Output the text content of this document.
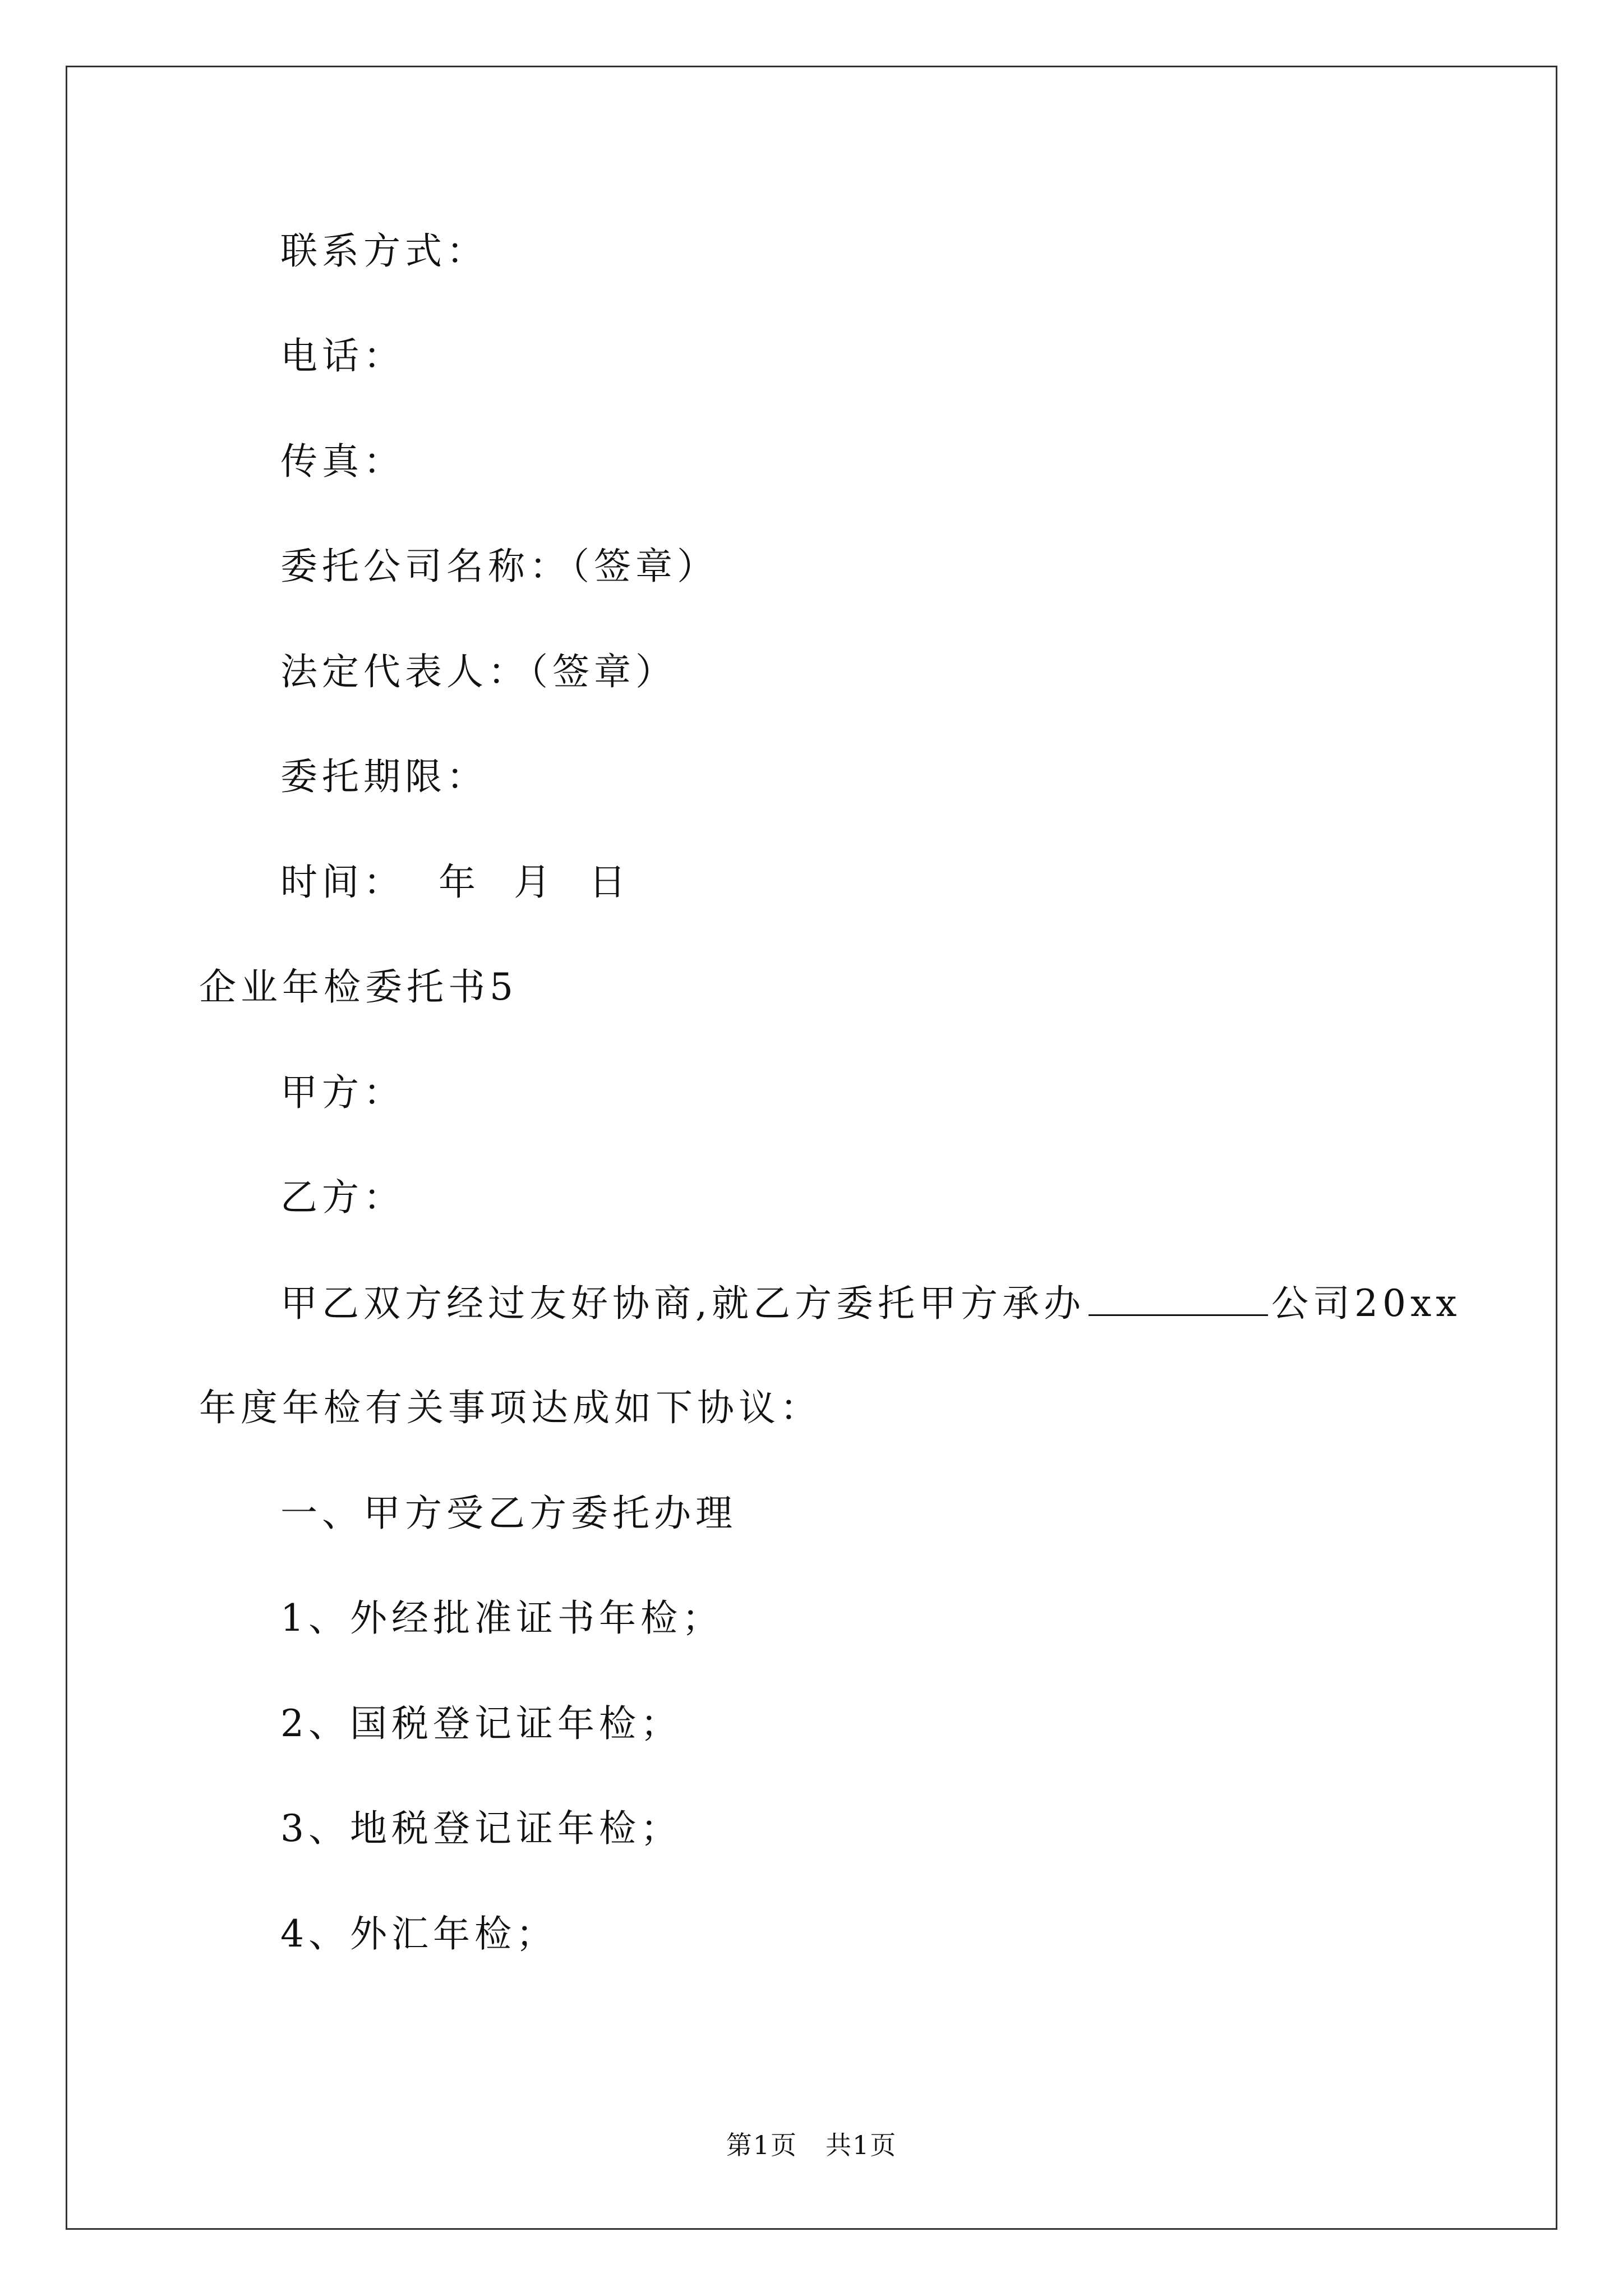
联系方式：
电话：
传真：
委托公司名称：（签章）
法定代表人：（签章）
委托期限：
时间： 年 月 日
企业年检委托书5
甲方：
乙方：
甲乙双方经过友好协商,就乙方委托甲方承办	公司20xx
年度年检有关事项达成如下协议：
一、甲方受乙方委托办理
1、外经批准证书年检；
2、国税登记证年检；
3、地税登记证年检；
4、外汇年检；
第1页 共1页
